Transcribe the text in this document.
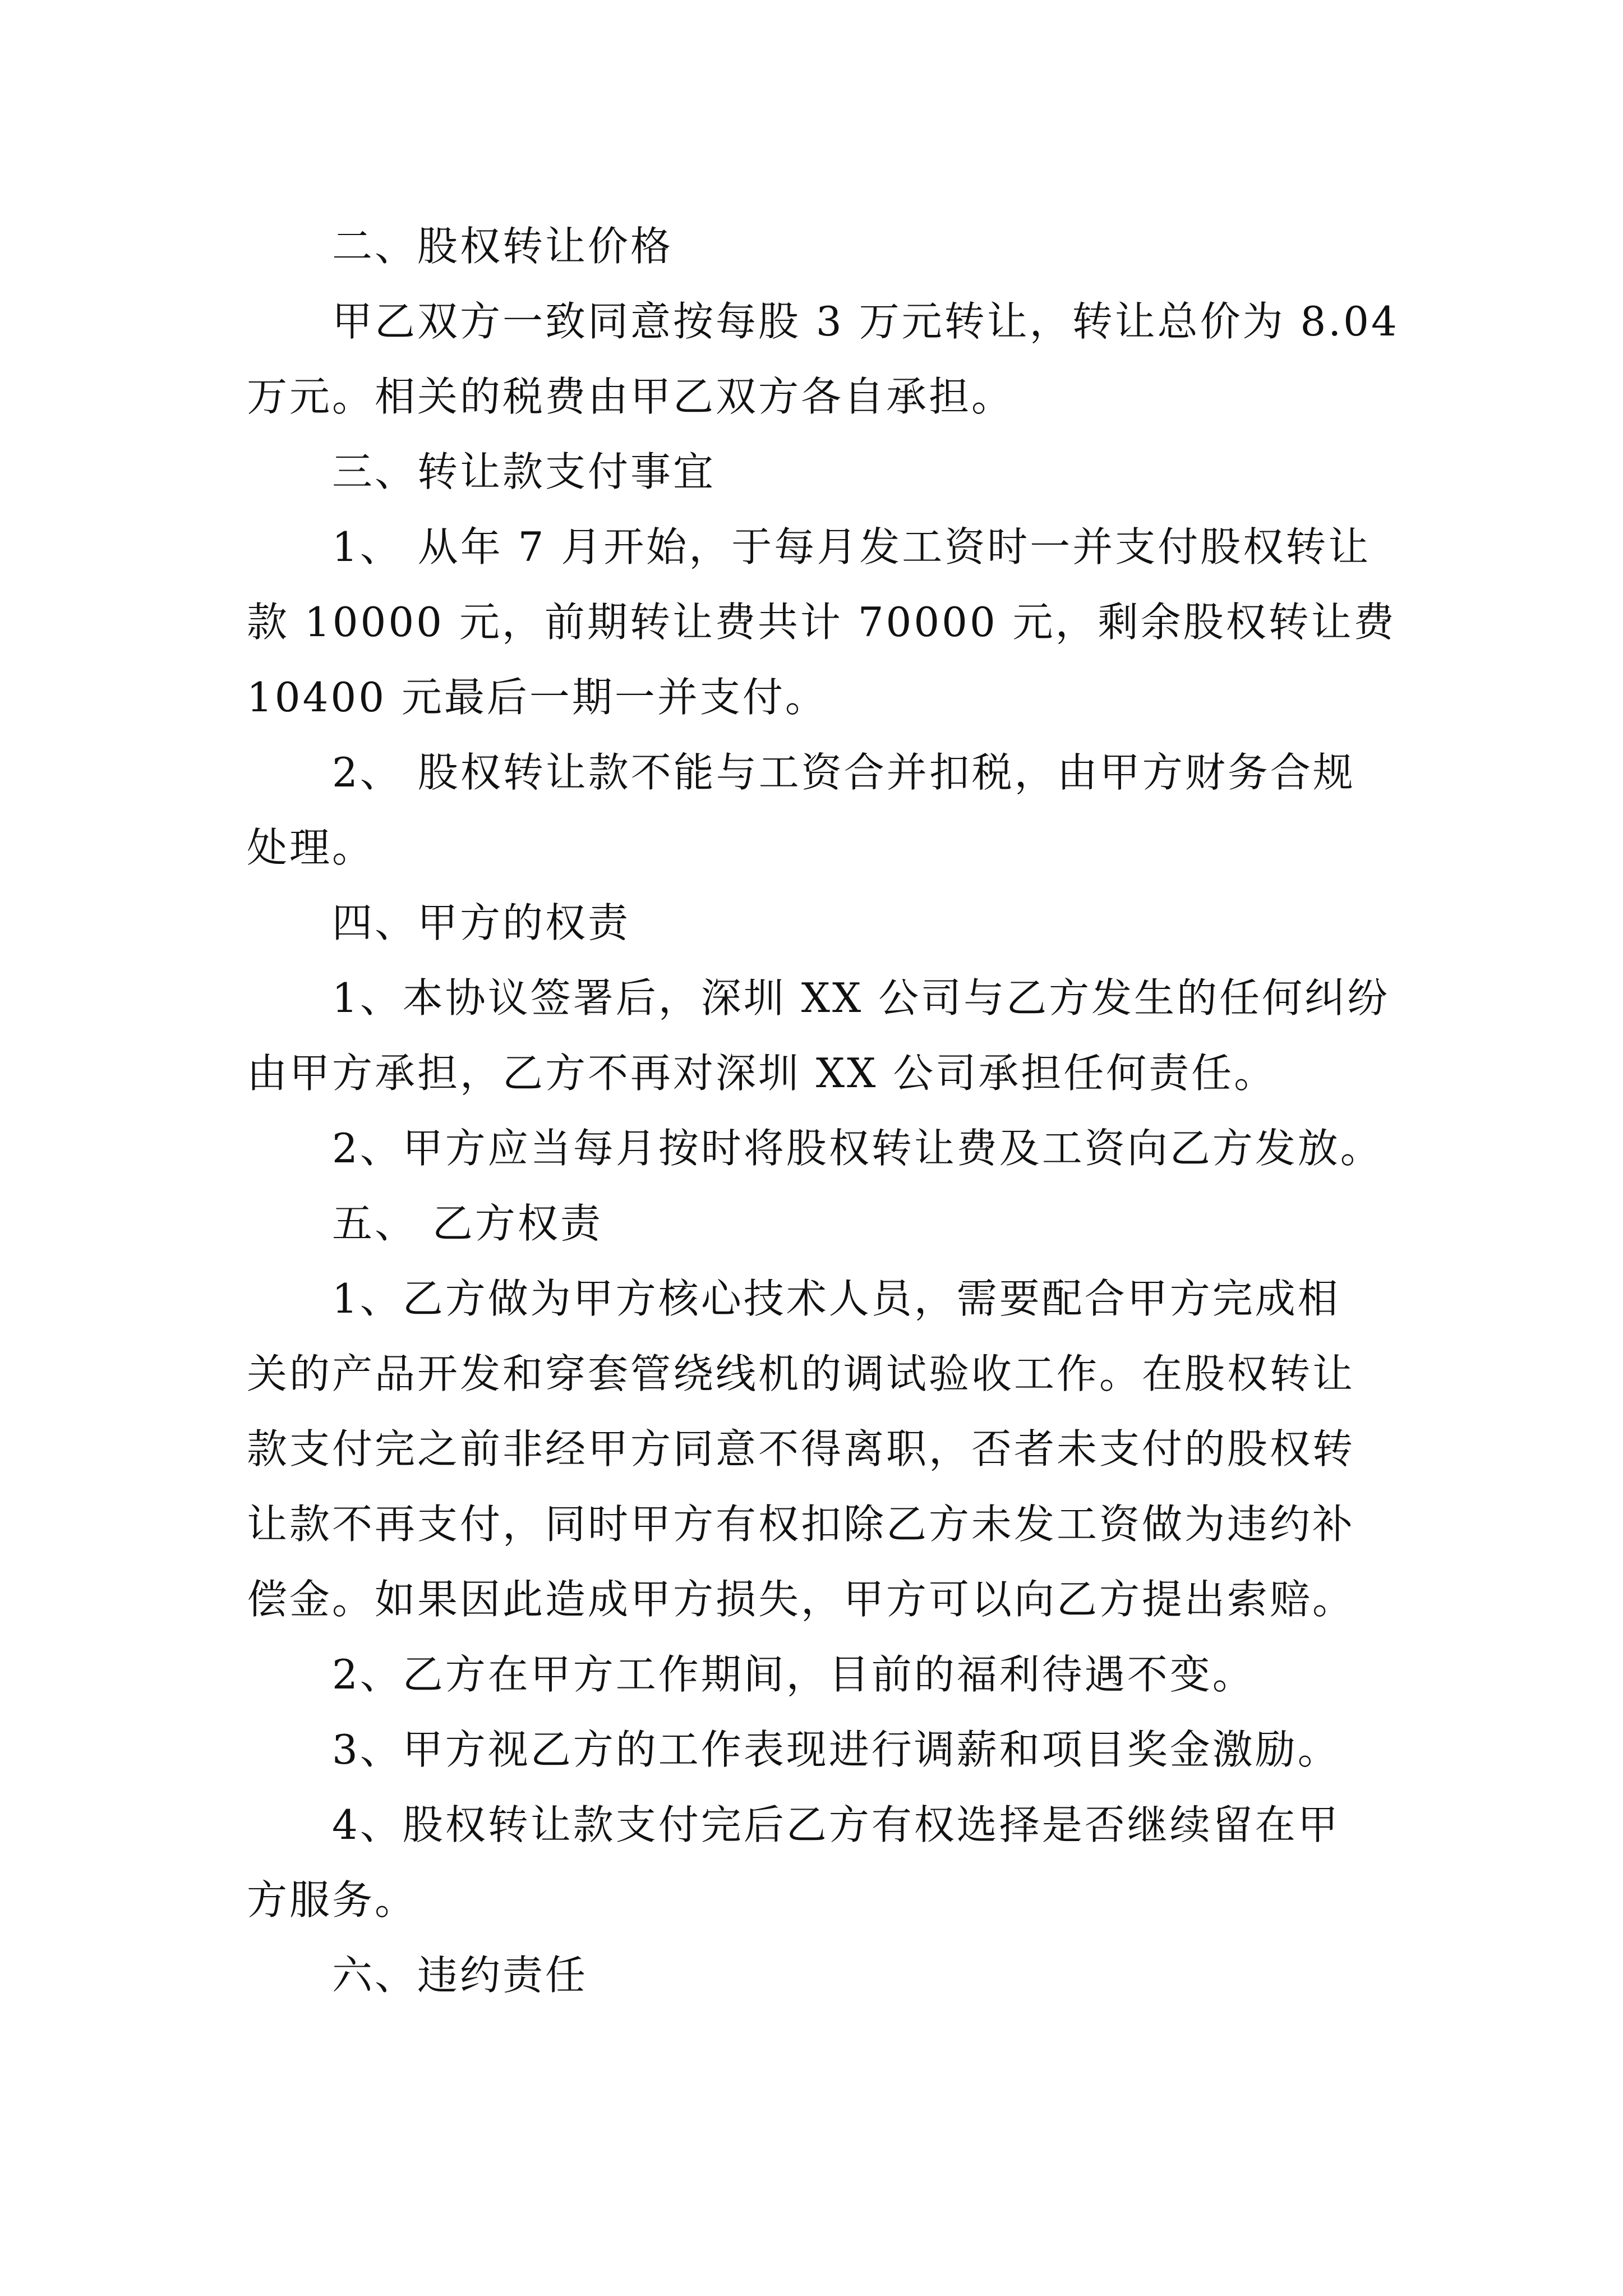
二、股权转让价格
甲乙双方一致同意按每股 3 万元转让，转让总价为 8.04
万元。相关的税费由甲乙双方各自承担。
三、转让款支付事宜
1、 从年 7 月开始，于每月发工资时一并支付股权转让
款 10000 元，前期转让费共计 70000 元，剩余股权转让费
10400 元最后一期一并支付。
2、 股权转让款不能与工资合并扣税，由甲方财务合规
处理。
四、甲方的权责
1、本协议签署后，深圳 XX 公司与乙方发生的任何纠纷
由甲方承担，乙方不再对深圳 XX 公司承担任何责任。
2、甲方应当每月按时将股权转让费及工资向乙方发放。
五、 乙方权责
1、乙方做为甲方核心技术人员，需要配合甲方完成相
关的产品开发和穿套管绕线机的调试验收工作。在股权转让
款支付完之前非经甲方同意不得离职，否者未支付的股权转
让款不再支付，同时甲方有权扣除乙方未发工资做为违约补
偿金。如果因此造成甲方损失，甲方可以向乙方提出索赔。
2、乙方在甲方工作期间，目前的福利待遇不变。
3、甲方视乙方的工作表现进行调薪和项目奖金激励。
4、股权转让款支付完后乙方有权选择是否继续留在甲
方服务。
六、违约责任
